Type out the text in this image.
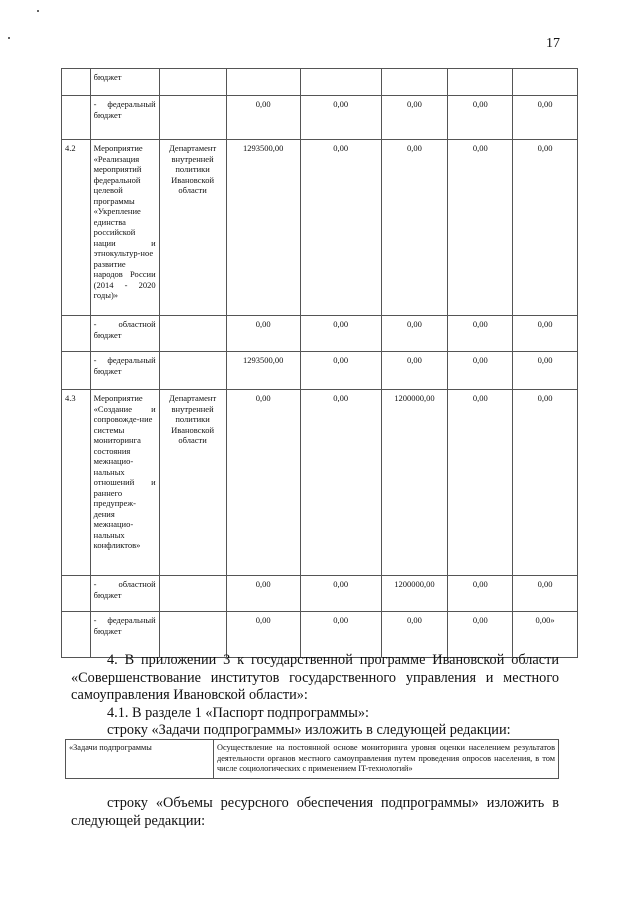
17
	бюджет						
	- федеральный бюджет		0,00	0,00	0,00	0,00	0,00
4.2	Мероприятие «Реализация мероприятий федеральной целевой программы «Укрепление единства российской нации и этнокультур-ное развитие народов России (2014 - 2020 годы)»	Департамент внутренней политики Ивановской области	1293500,00	0,00	0,00	0,00	0,00
	- областной бюджет		0,00	0,00	0,00	0,00	0,00
	- федеральный бюджет		1293500,00	0,00	0,00	0,00	0,00
4.3	Мероприятие «Создание и сопровожде-ние системы мониторинга состояния межнацио-нальных отношений и раннего предупреж-дения межнацио-нальных конфликтов»	Департамент внутренней политики Ивановской области	0,00	0,00	1200000,00	0,00	0,00
	- областной бюджет		0,00	0,00	1200000,00	0,00	0,00
	- федеральный бюджет		0,00	0,00	0,00	0,00	0,00»
4. В приложении 3 к государственной программе Ивановской области «Совершенствование институтов государственного управления и местного самоуправления Ивановской области»:
4.1. В разделе 1 «Паспорт подпрограммы»:
строку «Задачи подпрограммы» изложить в следующей редакции:
«Задачи подпрограммы	Осуществление на постоянной основе мониторинга уровня оценки населением результатов деятельности органов местного самоуправления путем проведения опросов населения, в том числе социологических с применением IT-технологий»
строку «Объемы ресурсного обеспечения подпрограммы» изложить в следующей редакции:
